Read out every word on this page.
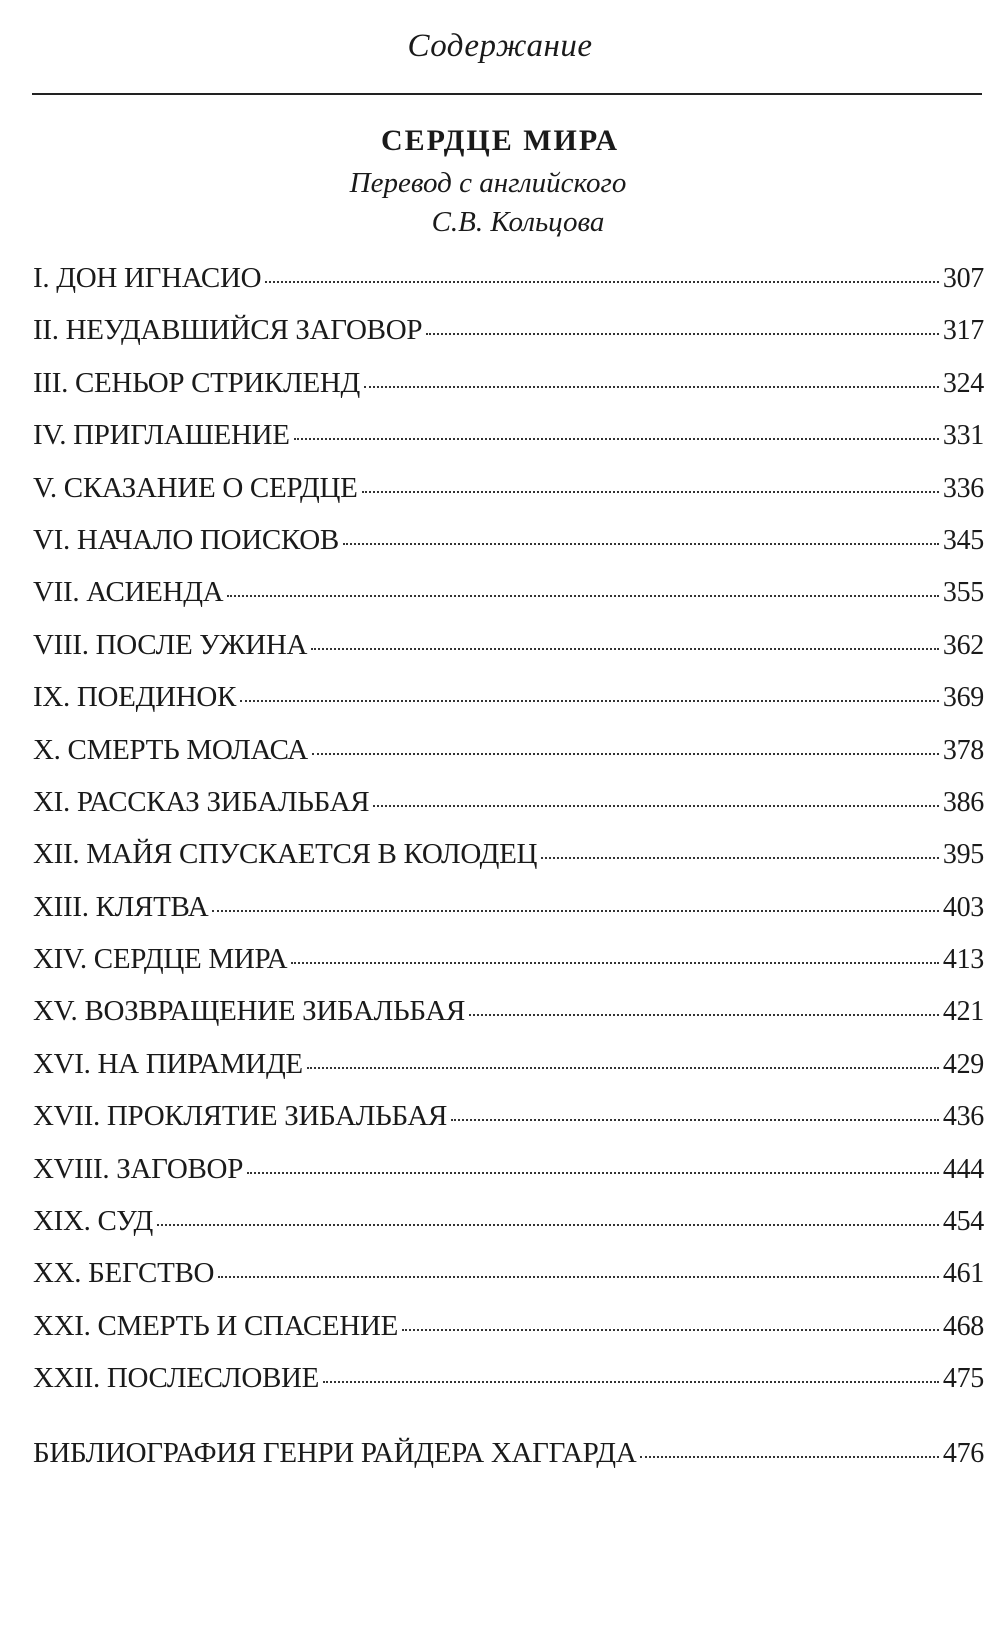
Содержание
СЕРДЦЕ МИРА
Перевод с английского
С.В. Кольцова
I. ДОН ИГНАСИО	307
II. НЕУДАВШИЙСЯ ЗАГОВОР	317
III. СЕНЬОР СТРИКЛЕНД	324
IV. ПРИГЛАШЕНИЕ	331
V. СКАЗАНИЕ О СЕРДЦЕ	336
VI. НАЧАЛО ПОИСКОВ	345
VII. АСИЕНДА	355
VIII. ПОСЛЕ УЖИНА	362
IX. ПОЕДИНОК	369
X. СМЕРТЬ МОЛАСА	378
XI. РАССКАЗ ЗИБАЛЬБАЯ	386
XII. МАЙЯ СПУСКАЕТСЯ В КОЛОДЕЦ	395
XIII. КЛЯТВА	403
XIV. СЕРДЦЕ МИРА	413
XV. ВОЗВРАЩЕНИЕ ЗИБАЛЬБАЯ	421
XVI. НА ПИРАМИДЕ	429
XVII. ПРОКЛЯТИЕ ЗИБАЛЬБАЯ	436
XVIII. ЗАГОВОР	444
XIX. СУД	454
XX. БЕГСТВО	461
XXI. СМЕРТЬ И СПАСЕНИЕ	468
XXII. ПОСЛЕСЛОВИЕ	475
БИБЛИОГРАФИЯ ГЕНРИ РАЙДЕРА ХАГГАРДА	476
